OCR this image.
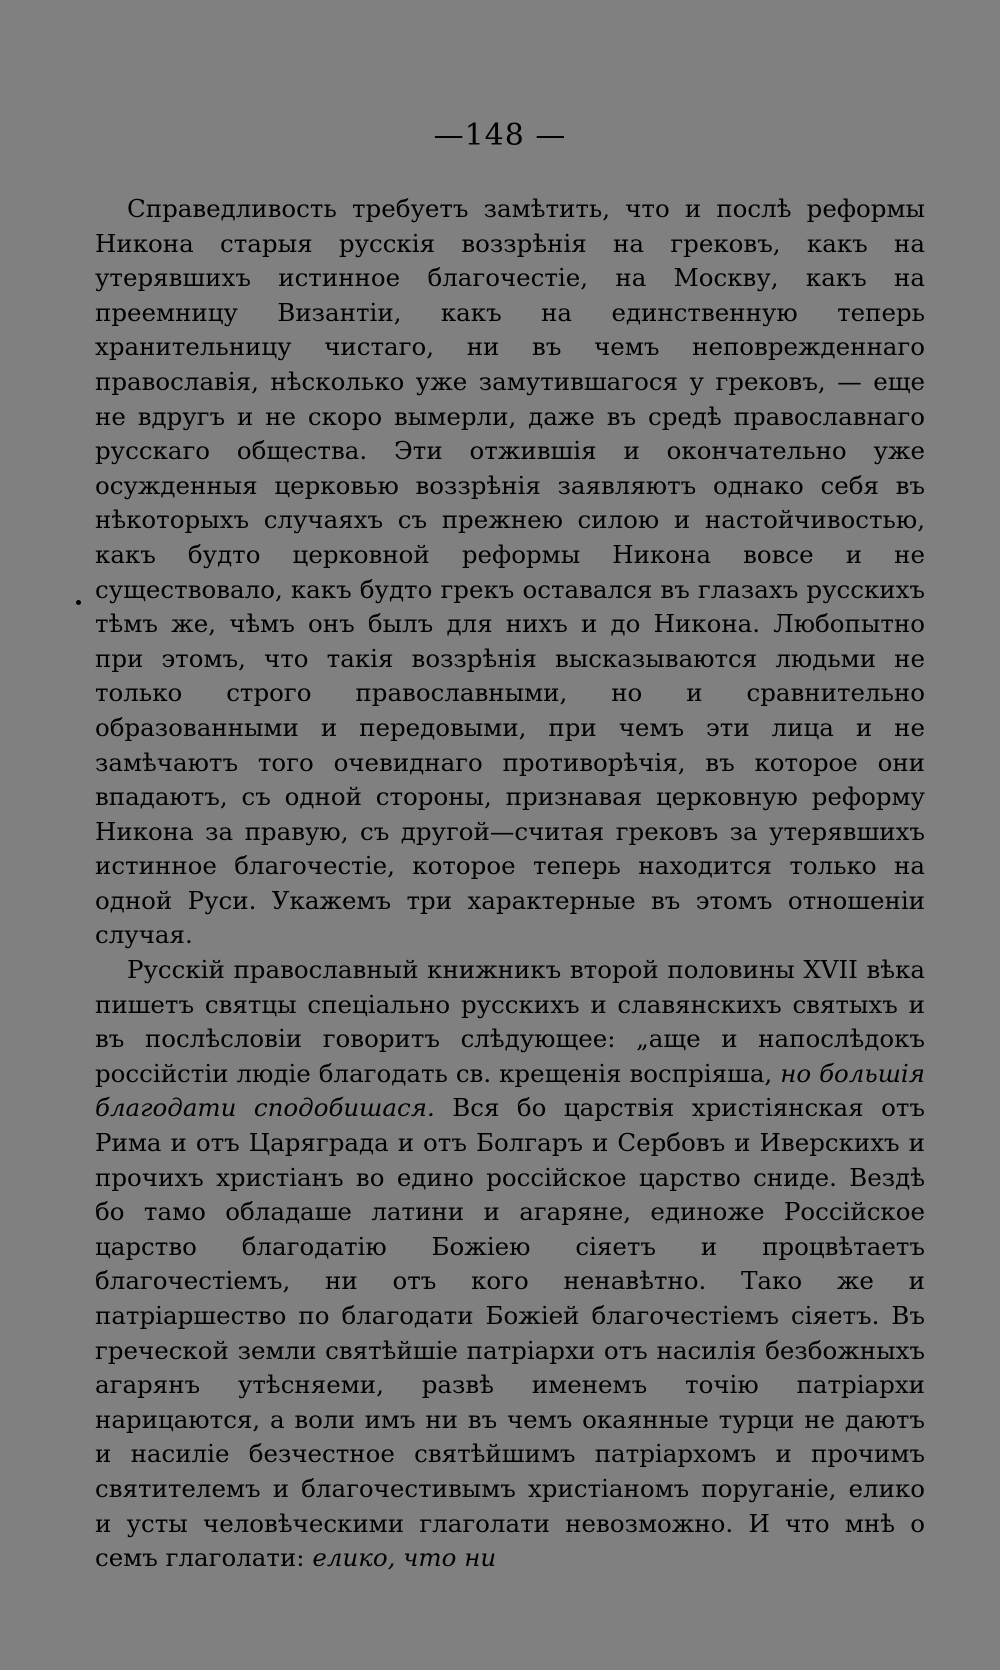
—148 —

Справедливость требуетъ замѣтить, что и послѣ реформы Никона старыя русскія воззрѣнія на грековъ, какъ на утерявшихъ истинное благочестіе, на Москву, какъ на преемницу Византіи, какъ на единственную теперь хранительницу чистаго, ни въ чемъ неповрежденнаго православія, нѣсколько уже замутившагося у грековъ, — еще не вдругъ и не скоро вымерли, даже въ средѣ православнаго русскаго общества. Эти отжившія и окончательно уже осужденныя церковью воззрѣнія заявляютъ однако себя въ нѣкоторыхъ случаяхъ съ прежнею силою и настойчивостью, какъ будто церковной реформы Никона вовсе и не существовало, какъ будто грекъ оставался въ глазахъ русскихъ тѣмъ же, чѣмъ онъ былъ для нихъ и до Никона. Любопытно при этомъ, что такія воззрѣнія высказываются людьми не только строго православными, но и сравнительно образованными и передовыми, при чемъ эти лица и не замѣчаютъ того очевиднаго противорѣчія, въ которое они впадаютъ, съ одной стороны, признавая церковную реформу Никона за правую, съ другой—считая грековъ за утерявшихъ истинное благочестіе, которое теперь находится только на одной Руси. Укажемъ три характерные въ этомъ отношеніи случая.

Русскій православный книжникъ второй половины XVII вѣка пишетъ святцы спеціально русскихъ и славянскихъ святыхъ и въ послѣсловіи говоритъ слѣдующее: „аще и напослѣдокъ россійстіи людіе благодать св. крещенія воспріяша, но большія благодати сподобишася. Вся бо царствія христіянская отъ Рима и отъ Царяграда и отъ Болгаръ и Сербовъ и Иверскихъ и прочихъ христіанъ во едино россійское царство сниде. Вездѣ бо тамо обладаше латини и агаряне, единоже Россійское царство благодатію Божіею сіяетъ и процвѣтаетъ благочестіемъ, ни отъ кого ненавѣтно. Тако же и патріаршество по благодати Божіей благочестіемъ сіяетъ. Въ греческой земли святѣйшіе патріархи отъ насилія безбожныхъ агарянъ утѣсняеми, развѣ именемъ точію патріархи нарицаются, а воли имъ ни въ чемъ окаянные турци не даютъ и насиліе безчестное святѣйшимъ патріархомъ и прочимъ святителемъ и благочестивымъ христіаномъ поруганіе, елико и усты человѣческими глаголати невозможно. И что мнѣ о семъ глаголати: елико, что ни
